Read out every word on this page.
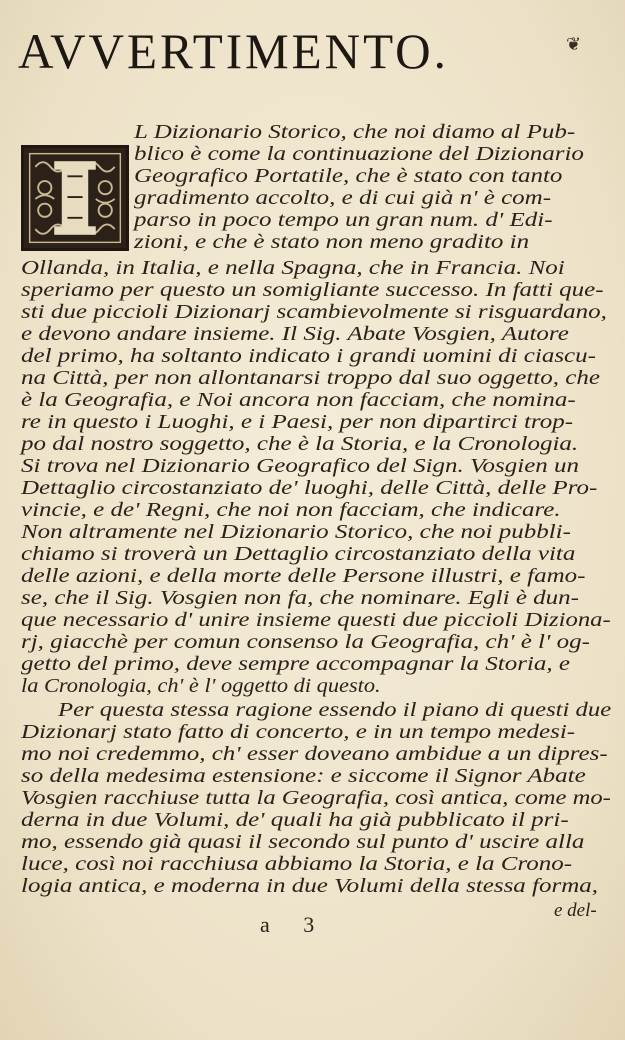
AVVERTIMENTO.	❦
L Dizionario Storico, che noi diamo al Pub-
blico è come la continuazione del Dizionario
Geografico Portatile, che è stato con tanto
gradimento accolto, e di cui già n' è com-
parso in poco tempo un gran num. d' Edi-
zioni, e che è stato non meno gradito in
Ollanda, in Italia, e nella Spagna, che in Francia. Noi
speriamo per questo un somigliante successo. In fatti que-
sti due piccioli Dizionarj scambievolmente si risguardano,
e devono andare insieme. Il Sig. Abate Vosgien, Autore
del primo, ha soltanto indicato i grandi uomini di ciascu-
na Città, per non allontanarsi troppo dal suo oggetto, che
è la Geografia, e Noi ancora non facciam, che nomina-
re in questo i Luoghi, e i Paesi, per non dipartirci trop-
po dal nostro soggetto, che è la Storia, e la Cronologia.
Si trova nel Dizionario Geografico del Sign. Vosgien un
Dettaglio circostanziato de' luoghi, delle Città, delle Pro-
vincie, e de' Regni, che noi non facciam, che indicare.
Non altramente nel Dizionario Storico, che noi pubbli-
chiamo si troverà un Dettaglio circostanziato della vita
delle azioni, e della morte delle Persone illustri, e famo-
se, che il Sig. Vosgien non fa, che nominare. Egli è dun-
que necessario d' unire insieme questi due piccioli Diziona-
rj, giacchè per comun consenso la Geografia, ch' è l' og-
getto del primo, deve sempre accompagnar la Storia, e
la Cronologia, ch' è l' oggetto di questo.
Per questa stessa ragione essendo il piano di questi due
Dizionarj stato fatto di concerto, e in un tempo medesi-
mo noi credemmo, ch' esser doveano ambidue a un dipres-
so della medesima estensione: e siccome il Signor Abate
Vosgien racchiuse tutta la Geografia, così antica, come mo-
derna in due Volumi, de' quali ha già pubblicato il pri-
mo, essendo già quasi il secondo sul punto d' uscire alla
luce, così noi racchiusa abbiamo la Storia, e la Crono-
logia antica, e moderna in due Volumi della stessa forma,
a 3
e del-
